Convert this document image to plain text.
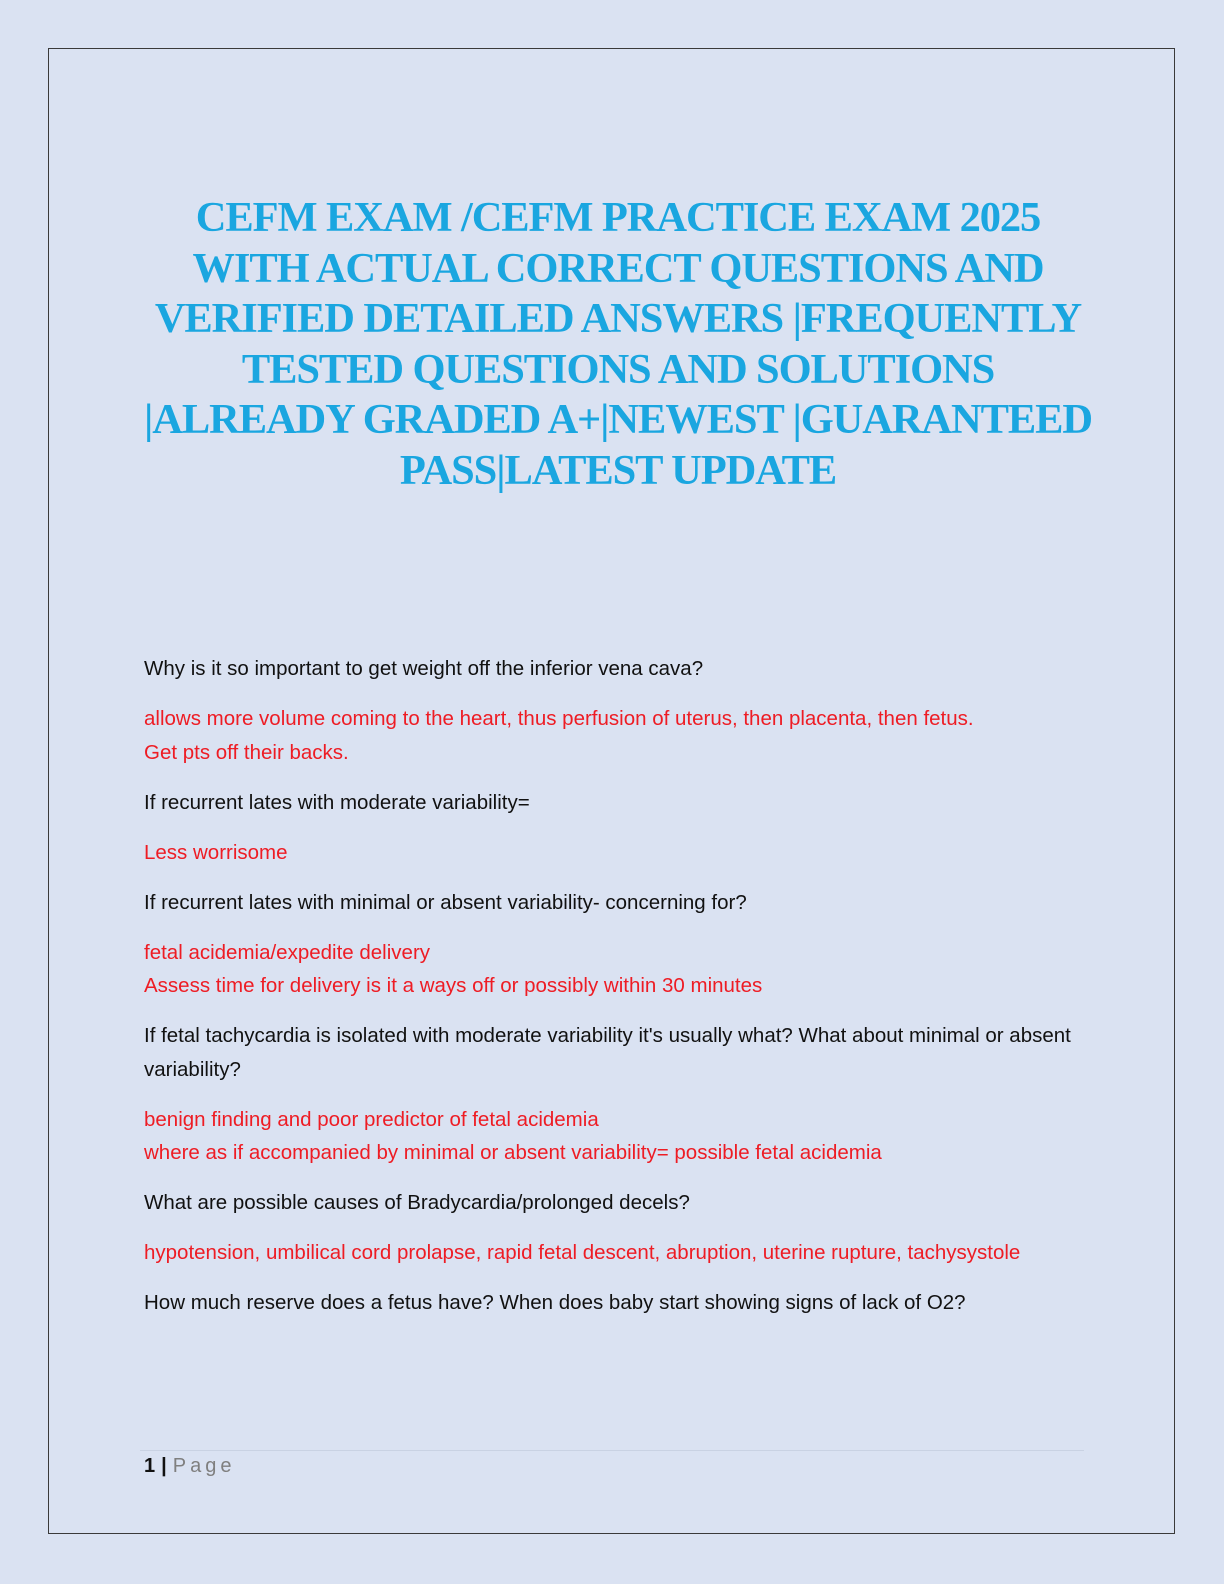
CEFM EXAM /CEFM PRACTICE EXAM 2025 WITH ACTUAL CORRECT QUESTIONS AND VERIFIED DETAILED ANSWERS |FREQUENTLY TESTED QUESTIONS AND SOLUTIONS |ALREADY GRADED A+|NEWEST |GUARANTEED PASS|LATEST UPDATE

Why is it so important to get weight off the inferior vena cava?

allows more volume coming to the heart, thus perfusion of uterus, then placenta, then fetus.
Get pts off their backs.

If recurrent lates with moderate variability=

Less worrisome

If recurrent lates with minimal or absent variability- concerning for?

fetal acidemia/expedite delivery
Assess time for delivery is it a ways off or possibly within 30 minutes

If fetal tachycardia is isolated with moderate variability it's usually what? What about minimal or absent variability?

benign finding and poor predictor of fetal acidemia
where as if accompanied by minimal or absent variability= possible fetal acidemia

What are possible causes of Bradycardia/prolonged decels?

hypotension, umbilical cord prolapse, rapid fetal descent, abruption, uterine rupture, tachysystole

How much reserve does a fetus have? When does baby start showing signs of lack of O2?

1 | Page
